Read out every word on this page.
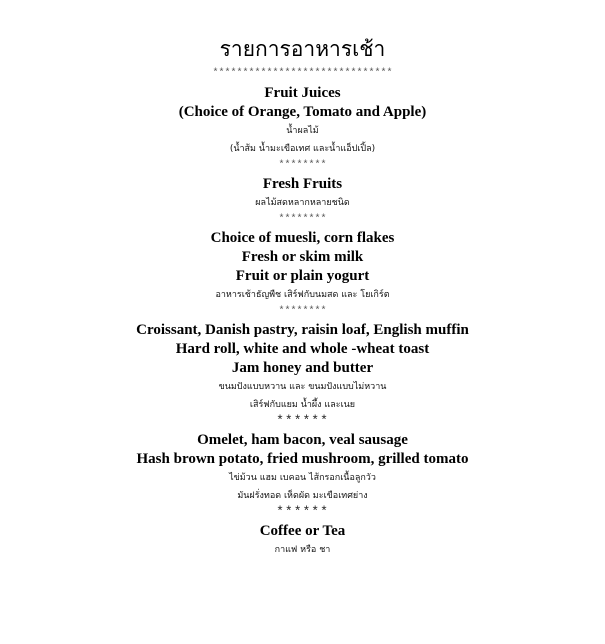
รายการอาหารเช้า
******************************
Fruit Juices
(Choice of Orange, Tomato and Apple)
น้ำผลไม้
(น้ำส้ม น้ำมะเขือเทศ และน้ำแอ็ปเปิ้ล)
********
Fresh Fruits
ผลไม้สดหลากหลายชนิด
********
Choice of muesli, corn flakes
Fresh or skim milk
Fruit or plain yogurt
อาหารเช้าธัญพืช เสิร์ฟกับนมสด และ โยเกิร์ต
********
Croissant, Danish pastry, raisin loaf, English muffin
Hard roll, white and whole -wheat toast
Jam honey and butter
ขนมปังแบบหวาน และ ขนมปังแบบไม่หวาน
เสิร์ฟกับแยม น้ำผึ้ง และเนย
******
Omelet, ham bacon, veal sausage
Hash brown potato, fried mushroom, grilled tomato
ไข่ม้วน แฮม เบคอน ไส้กรอกเนื้อลูกวัว
มันฝรั่งทอด เห็ดผัด มะเขือเทศย่าง
******
Coffee or Tea
กาแฟ หรือ ชา
